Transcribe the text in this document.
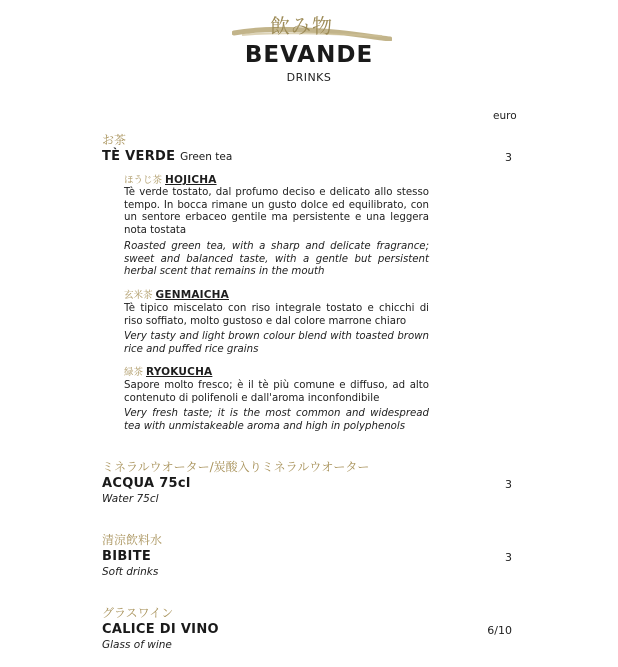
飲み物
BEVANDE
DRINKS
euro
お茶
TÈ VERDE Green tea	3
ほうじ茶 HOJICHA
Tè verde tostato, dal profumo deciso e delicato allo stesso tempo. In bocca rimane un gusto dolce ed equilibrato, con un sentore erbaceo gentile ma persistente e una leggera nota tostata
Roasted green tea, with a sharp and delicate fragrance; sweet and balanced taste, with a gentle but persistent herbal scent that remains in the mouth
玄米茶 GENMAICHA
Tè tipico miscelato con riso integrale tostato e chicchi di riso soffiato, molto gustoso e dal colore marrone chiaro
Very tasty and light brown colour blend with toasted brown rice and puffed rice grains
緑茶 RYOKUCHA
Sapore molto fresco; è il tè più comune e diffuso, ad alto contenuto di polifenoli e dall'aroma inconfondibile
Very fresh taste; it is the most common and widespread tea with unmistakeable aroma and high in polyphenols
ミネラルウオーター/炭酸入りミネラルウオーター
ACQUA 75cl
Water 75cl
3
清涼飲料水
BIBITE
Soft drinks
3
グラスワイン
CALICE DI VINO
Glass of wine
6/10
